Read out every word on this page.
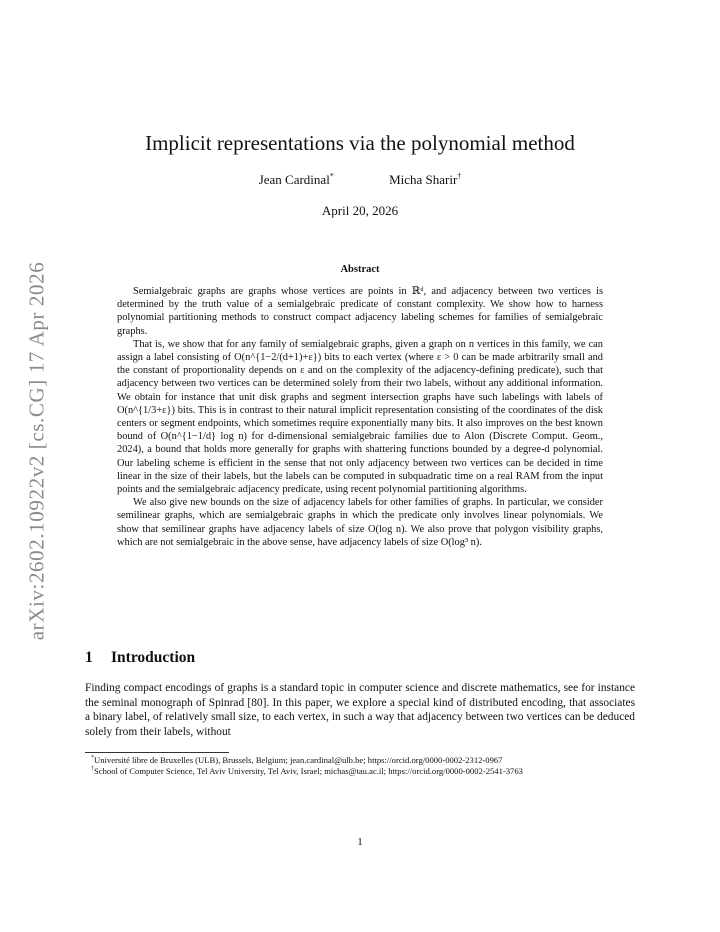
arXiv:2602.10922v2 [cs.CG] 17 Apr 2026
Implicit representations via the polynomial method
Jean Cardinal*	Micha Sharir†
April 20, 2026
Abstract

Semialgebraic graphs are graphs whose vertices are points in ℝᵈ, and adjacency between two vertices is determined by the truth value of a semialgebraic predicate of constant complexity. We show how to harness polynomial partitioning methods to construct compact adjacency labeling schemes for families of semialgebraic graphs.

That is, we show that for any family of semialgebraic graphs, given a graph on n vertices in this family, we can assign a label consisting of O(n^{1−2/(d+1)+ε}) bits to each vertex (where ε > 0 can be made arbitrarily small and the constant of proportionality depends on ε and on the complexity of the adjacency-defining predicate), such that adjacency between two vertices can be determined solely from their two labels, without any additional information. We obtain for instance that unit disk graphs and segment intersection graphs have such labelings with labels of O(n^{1/3+ε}) bits. This is in contrast to their natural implicit representation consisting of the coordinates of the disk centers or segment endpoints, which sometimes require exponentially many bits. It also improves on the best known bound of O(n^{1−1/d} log n) for d-dimensional semialgebraic families due to Alon (Discrete Comput. Geom., 2024), a bound that holds more generally for graphs with shattering functions bounded by a degree-d polynomial. Our labeling scheme is efficient in the sense that not only adjacency between two vertices can be decided in time linear in the size of their labels, but the labels can be computed in subquadratic time on a real RAM from the input points and the semialgebraic adjacency predicate, using recent polynomial partitioning algorithms.

We also give new bounds on the size of adjacency labels for other families of graphs. In particular, we consider semilinear graphs, which are semialgebraic graphs in which the predicate only involves linear polynomials. We show that semilinear graphs have adjacency labels of size O(log n). We also prove that polygon visibility graphs, which are not semialgebraic in the above sense, have adjacency labels of size O(log³ n).

1 Introduction

Finding compact encodings of graphs is a standard topic in computer science and discrete mathematics, see for instance the seminal monograph of Spinrad [80]. In this paper, we explore a special kind of distributed encoding, that associates a binary label, of relatively small size, to each vertex, in such a way that adjacency between two vertices can be deduced solely from their labels, without

*Université libre de Bruxelles (ULB), Brussels, Belgium; jean.cardinal@ulb.be; https://orcid.org/0000-0002-2312-0967

†School of Computer Science, Tel Aviv University, Tel Aviv, Israel; michas@tau.ac.il; https://orcid.org/0000-0002-2541-3763

1
